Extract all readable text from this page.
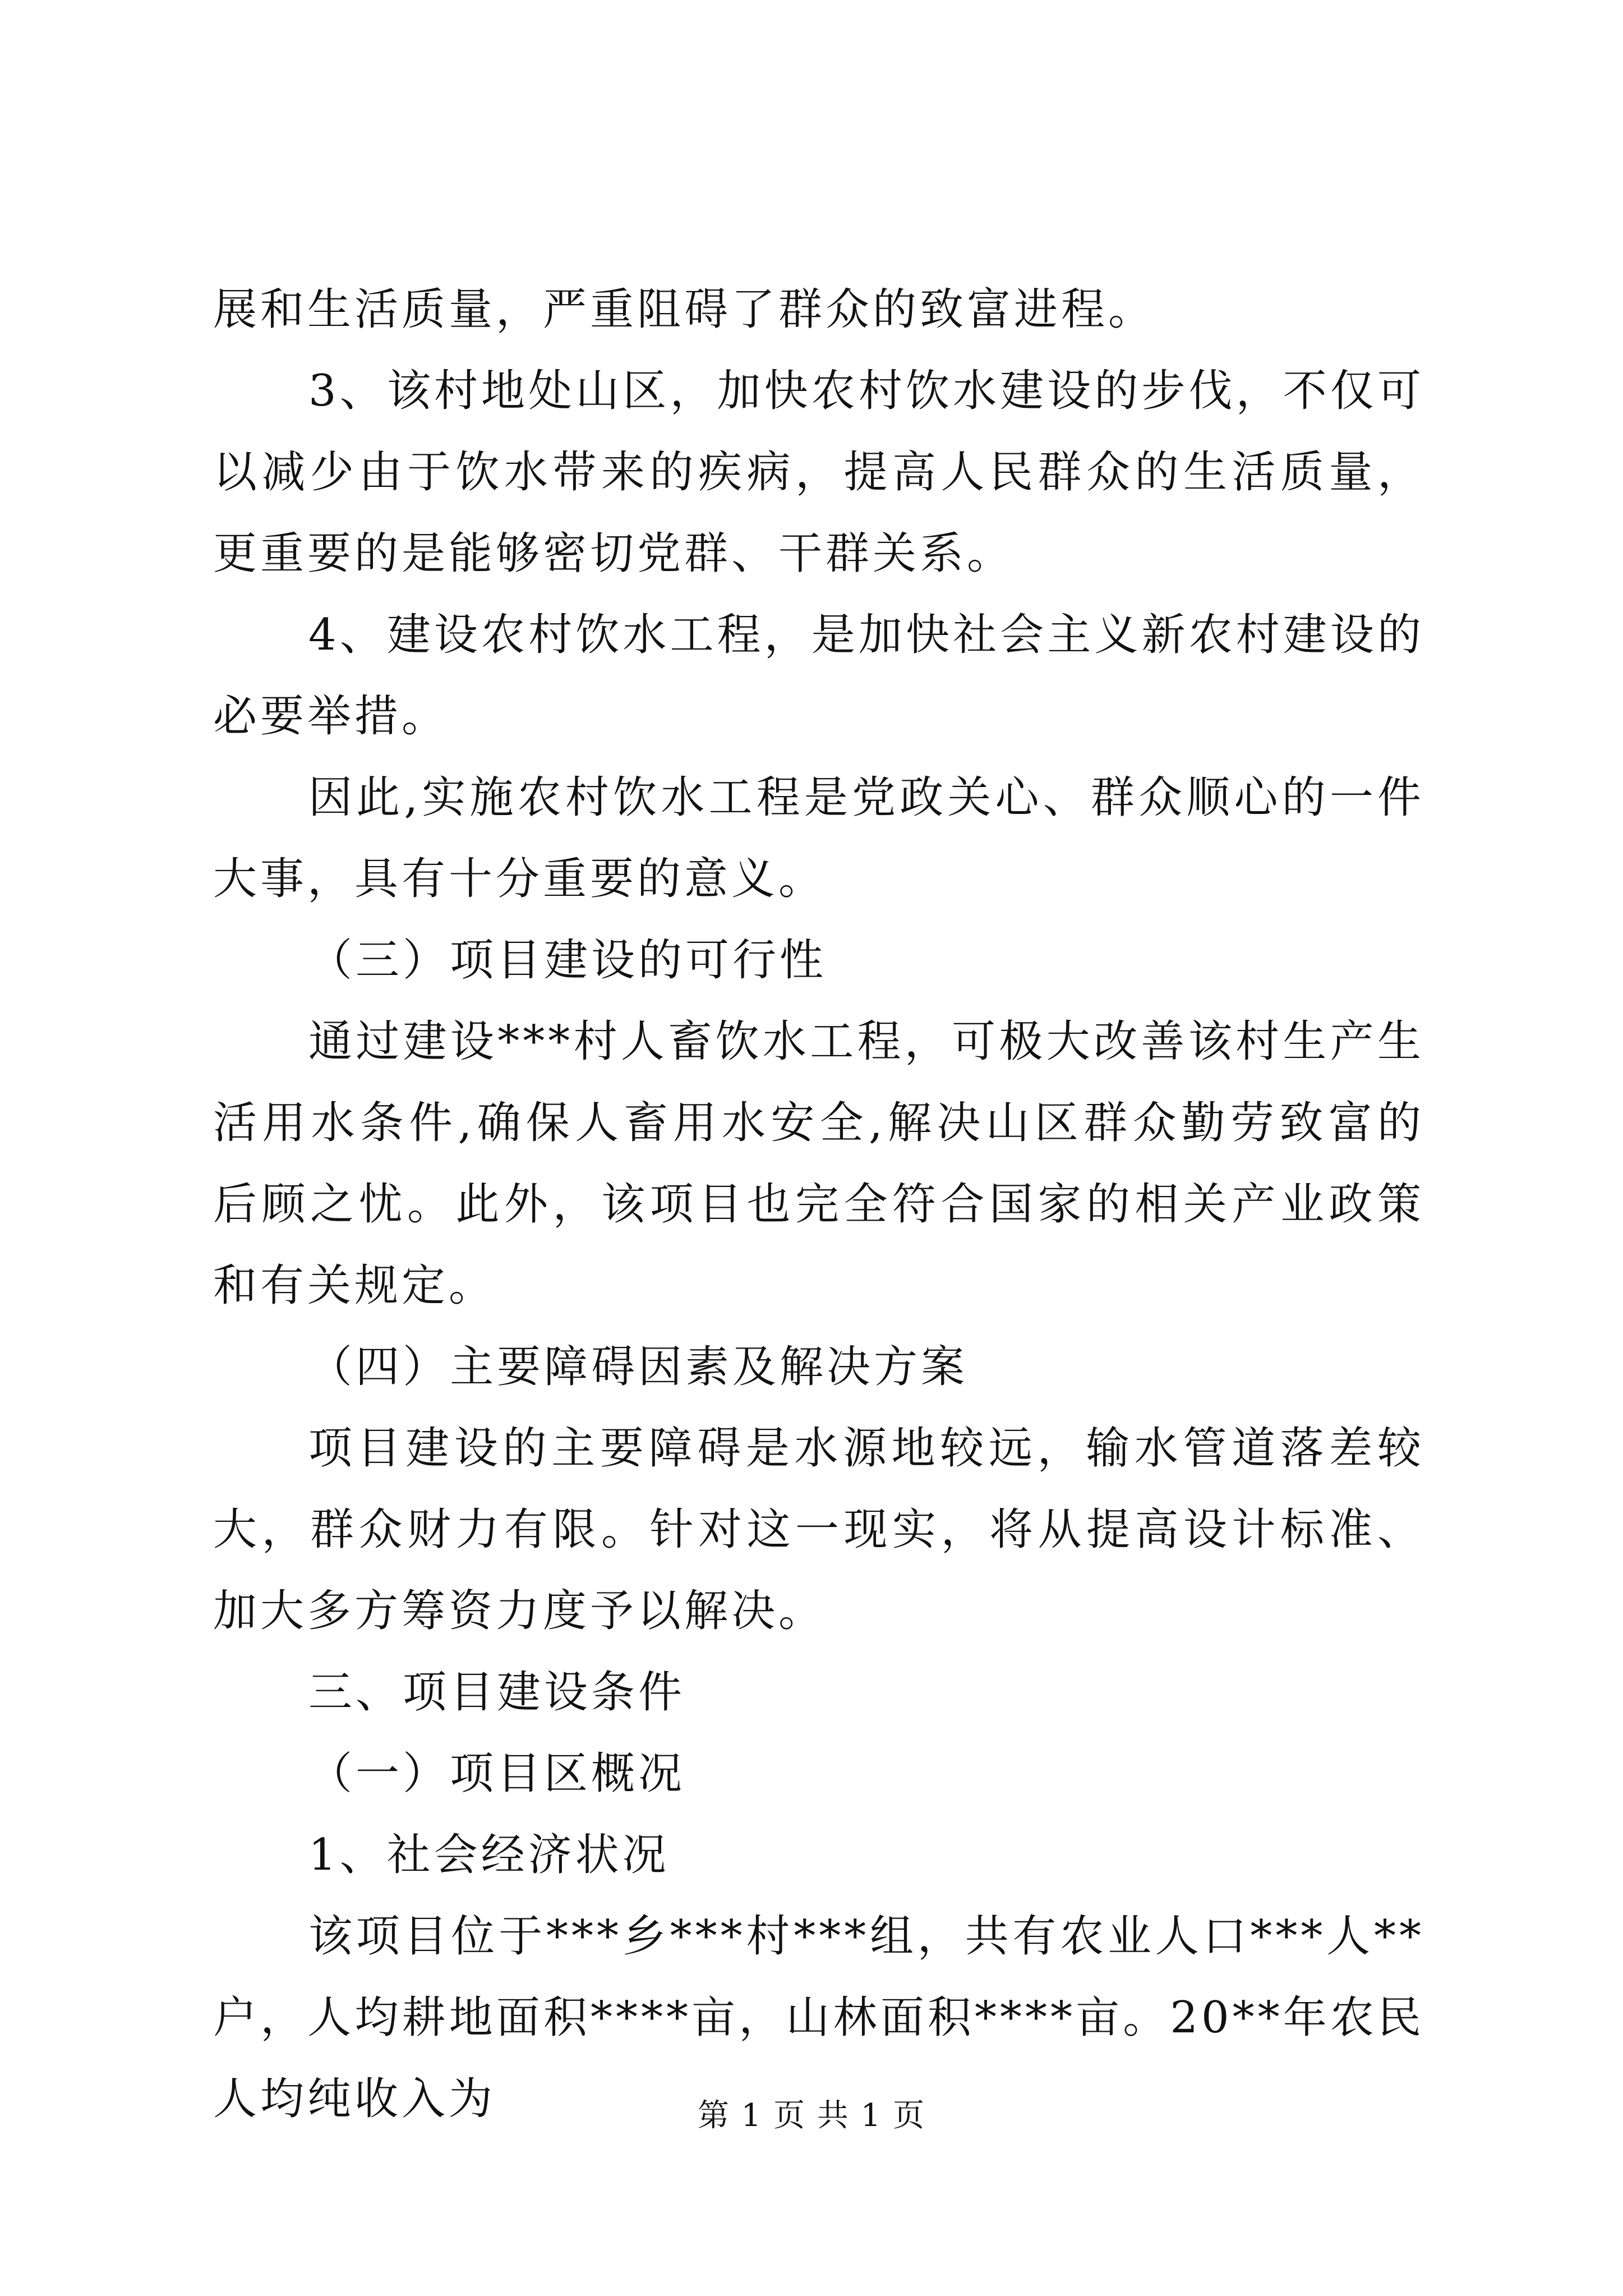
展和生活质量，严重阻碍了群众的致富进程。

3、该村地处山区，加快农村饮水建设的步伐，不仅可以减少由于饮水带来的疾病，提高人民群众的生活质量，更重要的是能够密切党群、干群关系。

4、建设农村饮水工程，是加快社会主义新农村建设的必要举措。

因此,实施农村饮水工程是党政关心、群众顺心的一件大事，具有十分重要的意义。

（三）项目建设的可行性

通过建设***村人畜饮水工程，可极大改善该村生产生活用水条件,确保人畜用水安全,解决山区群众勤劳致富的后顾之忧。此外，该项目也完全符合国家的相关产业政策和有关规定。

（四）主要障碍因素及解决方案

项目建设的主要障碍是水源地较远，输水管道落差较大，群众财力有限。针对这一现实，将从提高设计标准、加大多方筹资力度予以解决。

三、项目建设条件

（一）项目区概况

1、社会经济状况

该项目位于***乡***村***组，共有农业人口***人**户，人均耕地面积****亩，山林面积****亩。20**年农民人均纯收入为	第 1 页 共 1 页
